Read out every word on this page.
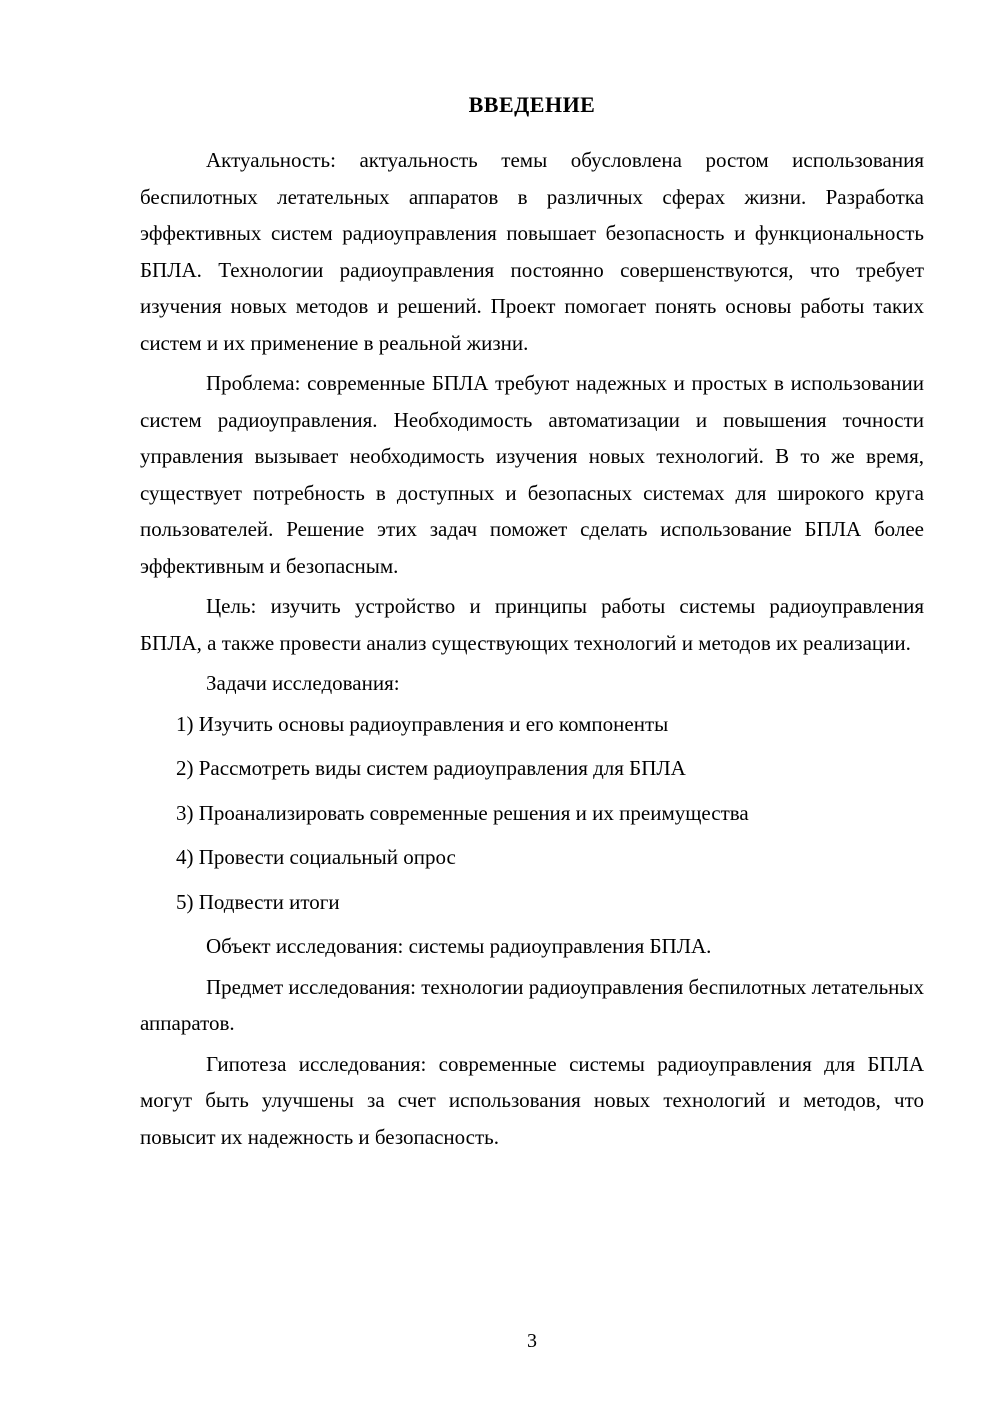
ВВЕДЕНИЕ

Актуальность: актуальность темы обусловлена ростом использования беспилотных летательных аппаратов в различных сферах жизни. Разработка эффективных систем радиоуправления повышает безопасность и функциональность БПЛА. Технологии радиоуправления постоянно совершенствуются, что требует изучения новых методов и решений. Проект помогает понять основы работы таких систем и их применение в реальной жизни.

Проблема: современные БПЛА требуют надежных и простых в использовании систем радиоуправления. Необходимость автоматизации и повышения точности управления вызывает необходимость изучения новых технологий. В то же время, существует потребность в доступных и безопасных системах для широкого круга пользователей. Решение этих задач поможет сделать использование БПЛА более эффективным и безопасным.

Цель: изучить устройство и принципы работы системы радиоуправления БПЛА, а также провести анализ существующих технологий и методов их реализации.

Задачи исследования:

1) Изучить основы радиоуправления и его компоненты

2) Рассмотреть виды систем радиоуправления для БПЛА

3) Проанализировать современные решения и их преимущества

4) Провести социальный опрос

5) Подвести итоги

Объект исследования: системы радиоуправления БПЛА.

Предмет исследования: технологии радиоуправления беспилотных летательных аппаратов.

Гипотеза исследования: современные системы радиоуправления для БПЛА могут быть улучшены за счет использования новых технологий и методов, что повысит их надежность и безопасность.

3
